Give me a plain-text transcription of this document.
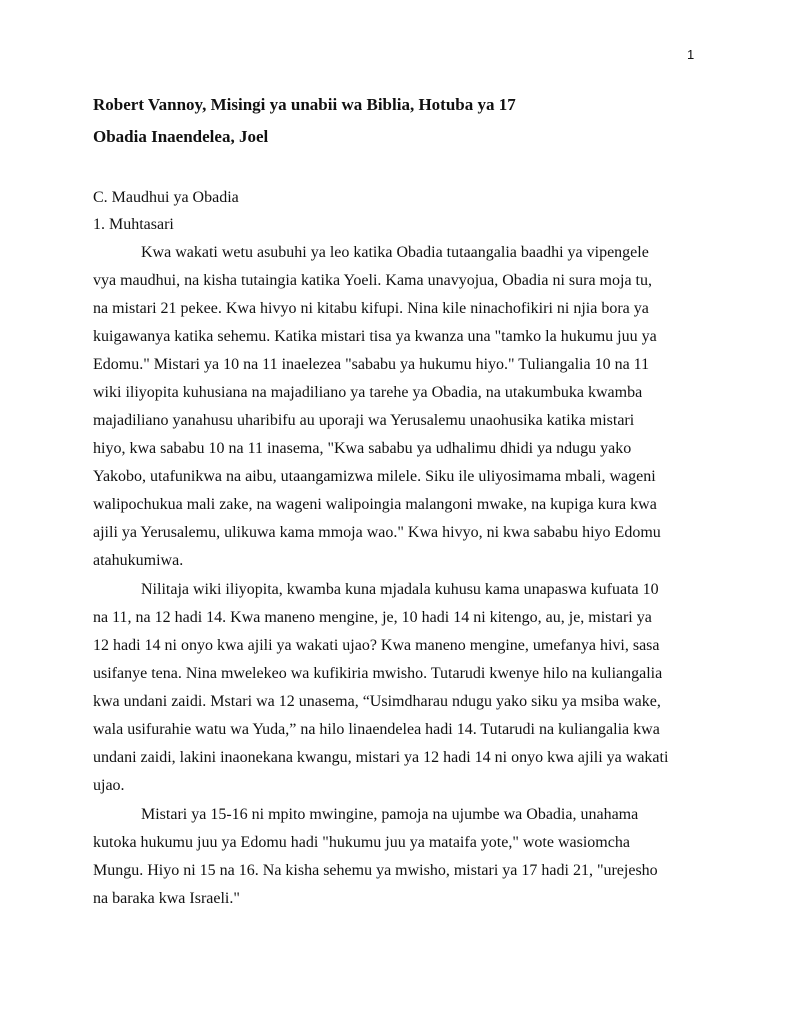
1
Robert Vannoy, Misingi ya unabii wa Biblia, Hotuba ya 17
Obadia Inaendelea, Joel
C. Maudhui ya Obadia
1. Muhtasari
Kwa wakati wetu asubuhi ya leo katika Obadia tutaangalia baadhi ya vipengele
vya maudhui, na kisha tutaingia katika Yoeli. Kama unavyojua, Obadia ni sura moja tu,
na mistari 21 pekee. Kwa hivyo ni kitabu kifupi. Nina kile ninachofikiri ni njia bora ya
kuigawanya katika sehemu. Katika mistari tisa ya kwanza una "tamko la hukumu juu ya
Edomu." Mistari ya 10 na 11 inaelezea "sababu ya hukumu hiyo." Tuliangalia 10 na 11
wiki iliyopita kuhusiana na majadiliano ya tarehe ya Obadia, na utakumbuka kwamba
majadiliano yanahusu uharibifu au uporaji wa Yerusalemu unaohusika katika mistari
hiyo, kwa sababu 10 na 11 inasema, "Kwa sababu ya udhalimu dhidi ya ndugu yako
Yakobo, utafunikwa na aibu, utaangamizwa milele. Siku ile uliyosimama mbali, wageni
walipochukua mali zake, na wageni walipoingia malangoni mwake, na kupiga kura kwa
ajili ya Yerusalemu, ulikuwa kama mmoja wao." Kwa hivyo, ni kwa sababu hiyo Edomu
atahukumiwa.
Nilitaja wiki iliyopita, kwamba kuna mjadala kuhusu kama unapaswa kufuata 10
na 11, na 12 hadi 14. Kwa maneno mengine, je, 10 hadi 14 ni kitengo, au, je, mistari ya
12 hadi 14 ni onyo kwa ajili ya wakati ujao? Kwa maneno mengine, umefanya hivi, sasa
usifanye tena. Nina mwelekeo wa kufikiria mwisho. Tutarudi kwenye hilo na kuliangalia
kwa undani zaidi. Mstari wa 12 unasema, “Usimdharau ndugu yako siku ya msiba wake,
wala usifurahie watu wa Yuda,” na hilo linaendelea hadi 14. Tutarudi na kuliangalia kwa
undani zaidi, lakini inaonekana kwangu, mistari ya 12 hadi 14 ni onyo kwa ajili ya wakati
ujao.
Mistari ya 15-16 ni mpito mwingine, pamoja na ujumbe wa Obadia, unahama
kutoka hukumu juu ya Edomu hadi "hukumu juu ya mataifa yote," wote wasiomcha
Mungu. Hiyo ni 15 na 16. Na kisha sehemu ya mwisho, mistari ya 17 hadi 21, "urejesho
na baraka kwa Israeli."
